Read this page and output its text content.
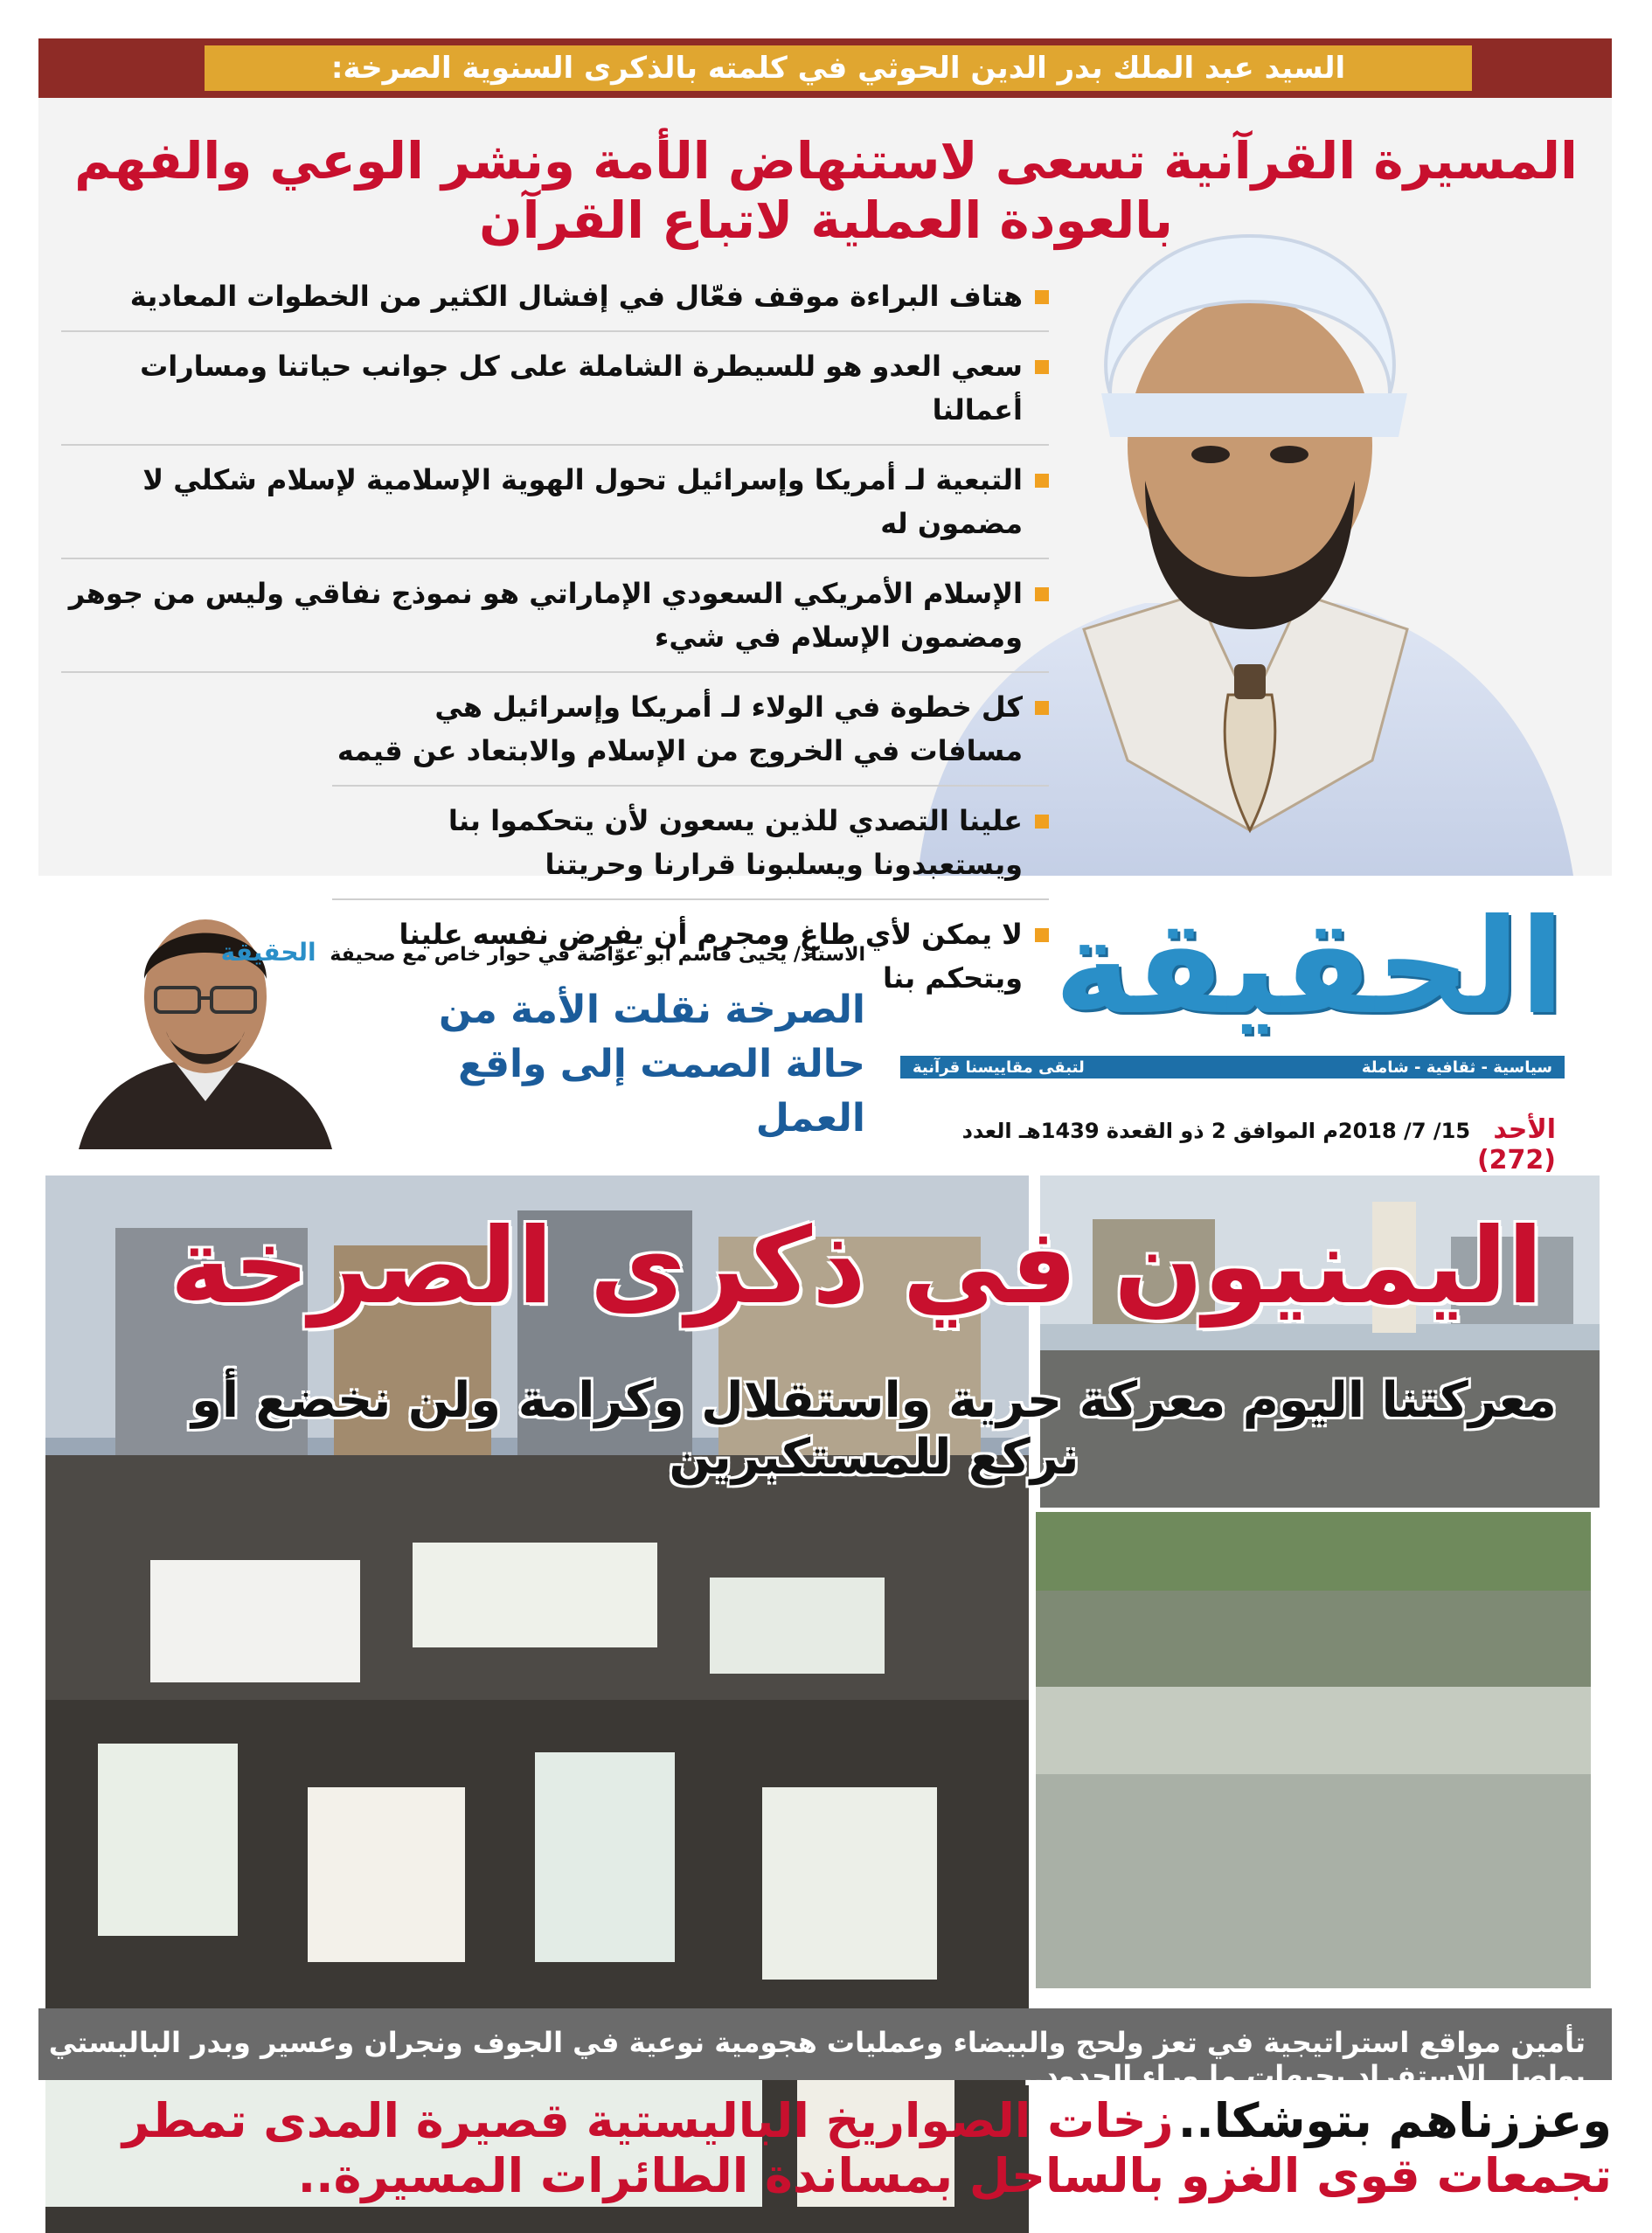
السيد عبد الملك بدر الدين الحوثي في كلمته بالذكرى السنوية الصرخة:
المسيرة القرآنية تسعى لاستنهاض الأمة ونشر الوعي والفهم بالعودة العملية لاتباع القرآن
هتاف البراءة موقف فعّال في إفشال الكثير من الخطوات المعادية
سعي العدو هو للسيطرة الشاملة على كل جوانب حياتنا ومسارات أعمالنا
التبعية لـ أمريكا وإسرائيل تحول الهوية الإسلامية لإسلام شكلي لا مضمون له
الإسلام الأمريكي السعودي الإماراتي هو نموذج نفاقي وليس من جوهر ومضمون الإسلام في شيء
كل خطوة في الولاء لـ أمريكا وإسرائيل هي مسافات في الخروج من الإسلام والابتعاد عن قيمه
علينا التصدي للذين يسعون لأن يتحكموا بنا ويستعبدونا ويسلبونا قرارنا وحريتنا
لا يمكن لأي طاغٍ ومجرم أن يفرض نفسه علينا ويتحكم بنا الحقيقة
سياسية - ثقافية - شاملة
لتبقى مقاييسنا قرآنية
الأحد 15/ 7/ 2018م الموافق 2 ذو القعدة 1439هـ العدد (272)
الاستاذ/ يحيى قاسم ابو عوّاضة في حوار خاص مع صحيفة الحقيقة
الصرخة نقلت الأمة من حالة الصمت إلى واقع العمل
اليمنيون في ذكرى الصرخة
معركتنا اليوم معركة حرية واستقلال وكرامة ولن نخضع أو نركع للمستكبرين
تأمين مواقع استراتيجية في تعز ولحج والبيضاء وعمليات هجومية نوعية في الجوف ونجران وعسير وبدر الباليستي يواصل الاستفراد بجبهات ما وراء الحدود..
وعززناهم بتوشكا.. زخات الصواريخ الباليستية قصيرة المدى تمطر تجمعات قوى الغزو بالساحل بمساندة الطائرات المسيرة..
